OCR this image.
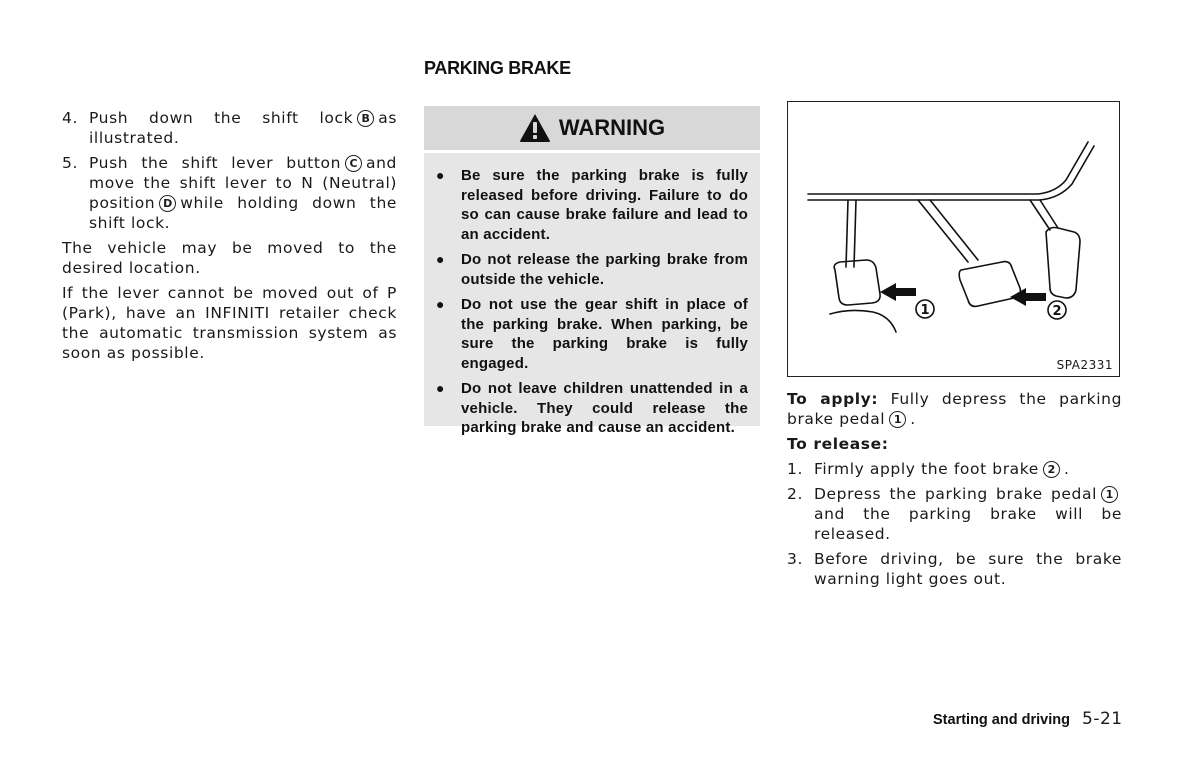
PARKING BRAKE
4. Push down the shift lock B as illustrated.
5. Push the shift lever button C and move the shift lever to N (Neutral) position D while holding down the shift lock.

The vehicle may be moved to the desired location.

If the lever cannot be moved out of P (Park), have an INFINITI retailer check the automatic transmission system as soon as possible.

WARNING
●	Be sure the parking brake is fully released before driving. Failure to do so can cause brake failure and lead to an accident.
●	Do not release the parking brake from outside the vehicle.
●	Do not use the gear shift in place of the parking brake. When parking, be sure the parking brake is fully engaged.
●	Do not leave children unattended in a vehicle. They could release the parking brake and cause an accident.
1	2
SPA2331

To apply: Fully depress the parking brake pedal 1 .

To release:

1. Firmly apply the foot brake 2 .
2. Depress the parking brake pedal 1and the parking brake will be released.
3. Before driving, be sure the brake warning light goes out.
Starting and driving 5-21
